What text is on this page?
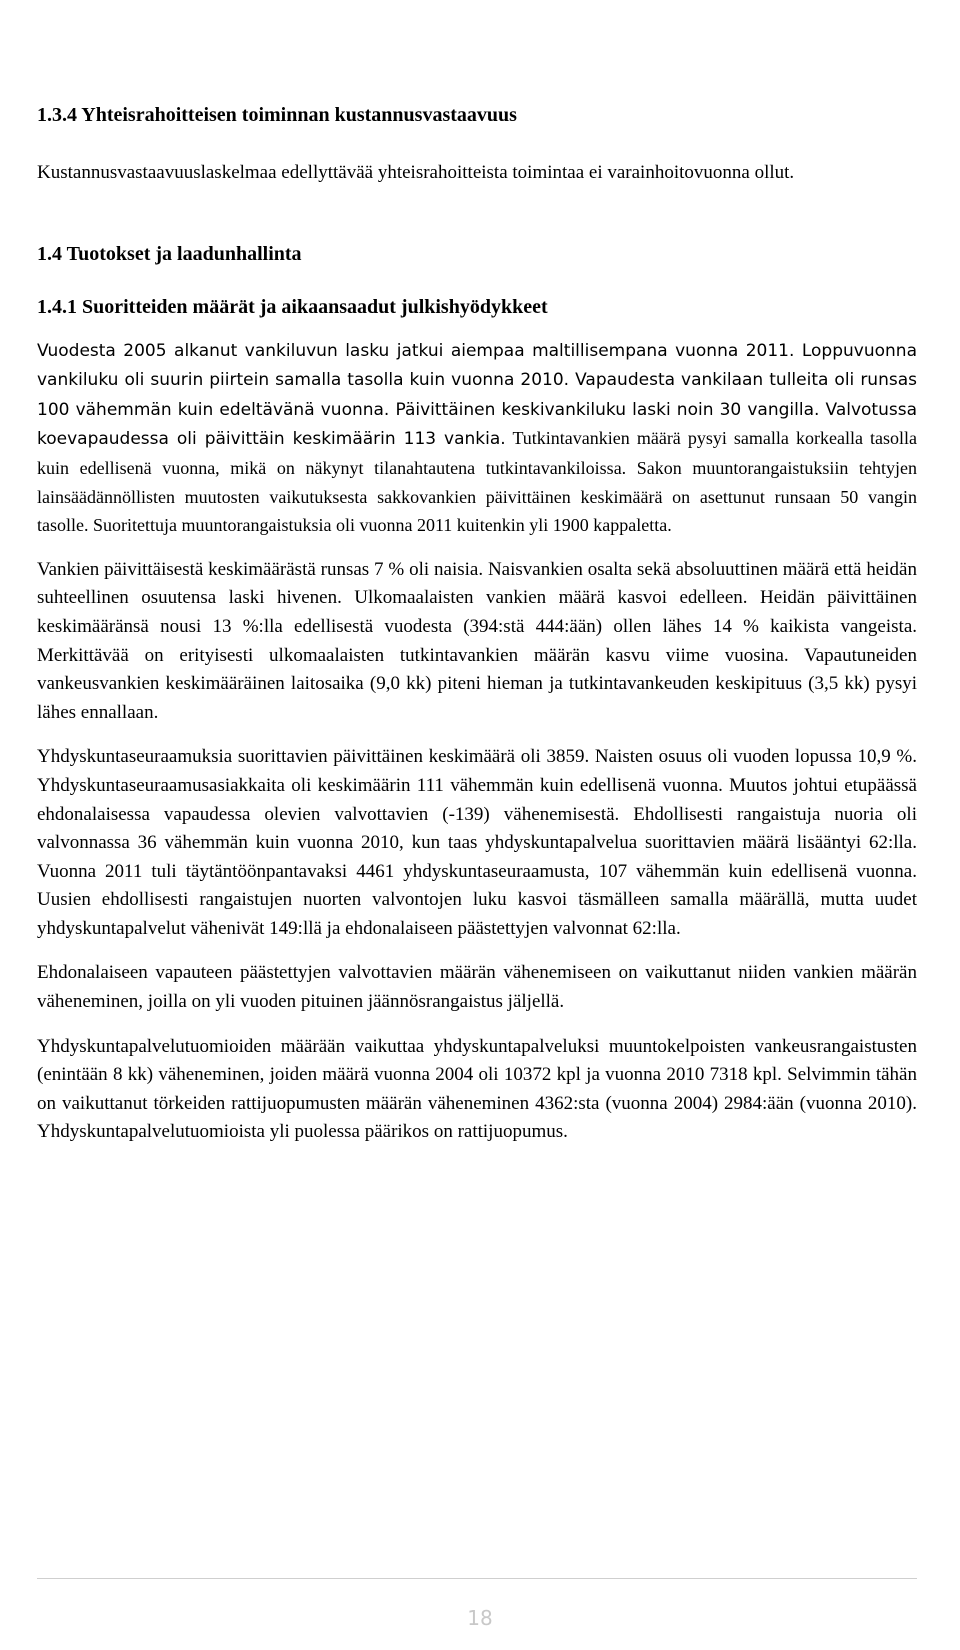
1.3.4 Yhteisrahoitteisen toiminnan kustannusvastaavuus

Kustannusvastaavuuslaskelmaa edellyttävää yhteisrahoitteista toimintaa ei varainhoitovuonna ollut.

1.4 Tuotokset ja laadunhallinta
1.4.1 Suoritteiden määrät ja aikaansaadut julkishyödykkeet

Vuodesta 2005 alkanut vankiluvun lasku jatkui aiempaa maltillisempana vuonna 2011. Loppuvuonna vankiluku oli suurin piirtein samalla tasolla kuin vuonna 2010. Vapaudesta vankilaan tulleita oli runsas 100 vähemmän kuin edeltävänä vuonna. Päivittäinen keskivankiluku laski noin 30 vangilla. Valvotussa koevapaudessa oli päivittäin keskimäärin 113 vankia. Tutkintavankien määrä pysyi samalla korkealla tasolla kuin edellisenä vuonna, mikä on näkynyt tilanahtautena tutkintavankiloissa. Sakon muuntorangaistuksiin tehtyjen lainsäädännöllisten muutosten vaikutuksesta sakkovankien päivittäinen keskimäärä on asettunut runsaan 50 vangin tasolle. Suoritettuja muuntorangaistuksia oli vuonna 2011 kuitenkin yli 1900 kappaletta.

Vankien päivittäisestä keskimäärästä runsas 7 % oli naisia. Naisvankien osalta sekä absoluuttinen määrä että heidän suhteellinen osuutensa laski hivenen. Ulkomaalaisten vankien määrä kasvoi edelleen. Heidän päivittäinen keskimääränsä nousi 13 %:lla edellisestä vuodesta (394:stä 444:ään) ollen lähes 14 % kaikista vangeista. Merkittävää on erityisesti ulkomaalaisten tutkintavankien määrän kasvu viime vuosina. Vapautuneiden vankeusvankien keskimääräinen laitosaika (9,0 kk) piteni hieman ja tutkintavankeuden keskipituus (3,5 kk) pysyi lähes ennallaan.

Yhdyskuntaseuraamuksia suorittavien päivittäinen keskimäärä oli 3859. Naisten osuus oli vuoden lopussa 10,9 %. Yhdyskuntaseuraamusasiakkaita oli keskimäärin 111 vähemmän kuin edellisenä vuonna. Muutos johtui etupäässä ehdonalaisessa vapaudessa olevien valvottavien (-139) vähenemisestä. Ehdollisesti rangaistuja nuoria oli valvonnassa 36 vähemmän kuin vuonna 2010, kun taas yhdyskuntapalvelua suorittavien määrä lisääntyi 62:lla. Vuonna 2011 tuli täytäntöönpantavaksi 4461 yhdyskuntaseuraamusta, 107 vähemmän kuin edellisenä vuonna. Uusien ehdollisesti rangaistujen nuorten valvontojen luku kasvoi täsmälleen samalla määrällä, mutta uudet yhdyskuntapalvelut vähenivät 149:llä ja ehdonalaiseen päästettyjen valvonnat 62:lla.

Ehdonalaiseen vapauteen päästettyjen valvottavien määrän vähenemiseen on vaikuttanut niiden vankien määrän väheneminen, joilla on yli vuoden pituinen jäännösrangaistus jäljellä.

Yhdyskuntapalvelutuomioiden määrään vaikuttaa yhdyskuntapalveluksi muuntokelpoisten vankeusrangaistusten (enintään 8 kk) väheneminen, joiden määrä vuonna 2004 oli 10372 kpl ja vuonna 2010 7318 kpl. Selvimmin tähän on vaikuttanut törkeiden rattijuopumusten määrän väheneminen 4362:sta (vuonna 2004) 2984:ään (vuonna 2010). Yhdyskuntapalvelutuomioista yli puolessa päärikos on rattijuopumus.

18
